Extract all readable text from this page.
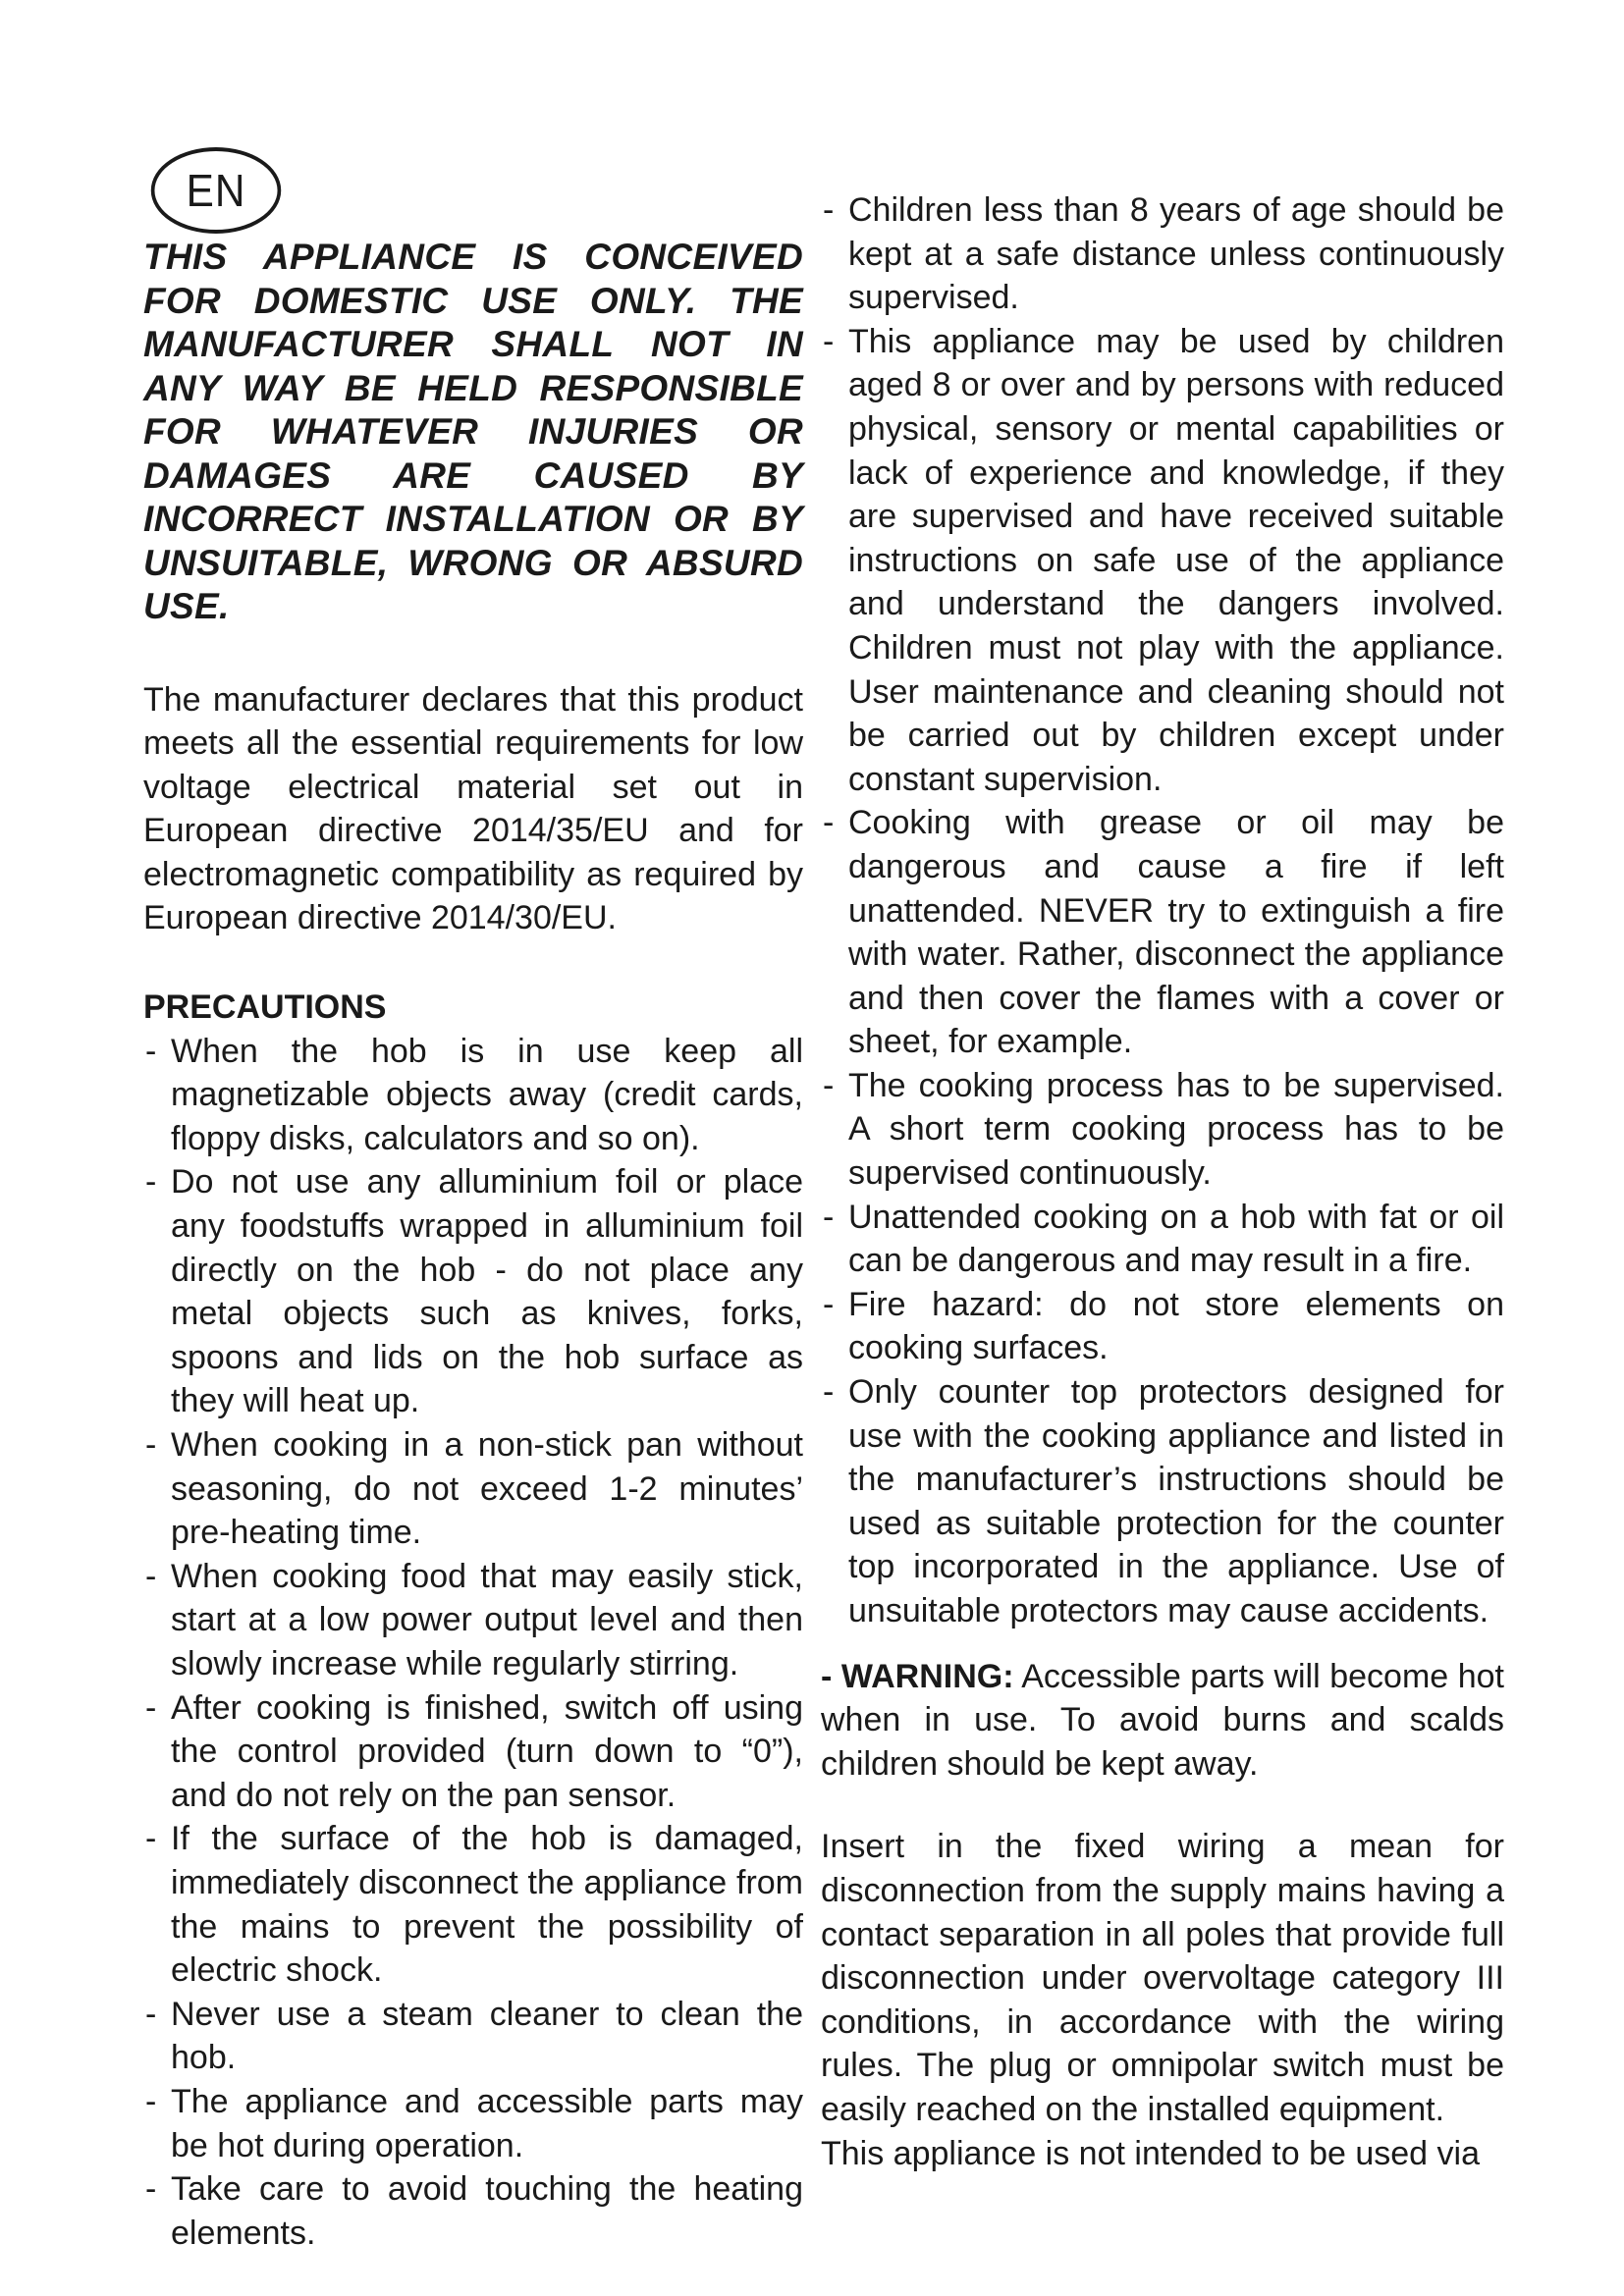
EN

THIS APPLIANCE IS CONCEIVED FOR DOMESTIC USE ONLY. THE MANUFACTURER SHALL NOT IN ANY WAY BE HELD RESPONSIBLE FOR WHATEVER INJURIES OR DAMAGES ARE CAUSED BY INCORRECT INSTALLATION OR BY UNSUITABLE, WRONG OR ABSURD USE.

The manufacturer declares that this product meets all the essential requirements for low voltage electrical material set out in European directive 2014/35/EU and for electromagnetic compatibility as required by European directive 2014/30/EU.

PRECAUTIONS

- When the hob is in use keep all magnetizable objects away (credit cards, floppy disks, calculators and so on).
- Do not use any alluminium foil or place any foodstuffs wrapped in alluminium foil directly on the hob - do not place any metal objects such as knives, forks, spoons and lids on the hob surface as they will heat up.
- When cooking in a non-stick pan without seasoning, do not exceed 1-2 minutes’ pre-heating time.
- When cooking food that may easily stick, start at a low power output level and then slowly increase while regularly stirring.
- After cooking is finished, switch off using the control provided (turn down to “0”), and do not rely on the pan sensor.
- If the surface of the hob is damaged, immediately disconnect the appliance from the mains to prevent the possibility of electric shock.
- Never use a steam cleaner to clean the hob.
- The appliance and accessible parts may be hot during operation.
- Take care to avoid touching the heating elements.
- Children less than 8 years of age should be kept at a safe distance unless continuously supervised.
- This appliance may be used by children aged 8 or over and by persons with reduced physical, sensory or mental capabilities or lack of experience and knowledge, if they are supervised and have received suitable instructions on safe use of the appliance and understand the dangers involved. Children must not play with the appliance. User maintenance and cleaning should not be carried out by children except under constant supervision.
- Cooking with grease or oil may be dangerous and cause a fire if left unattended. NEVER try to extinguish a fire with water. Rather, disconnect the appliance and then cover the flames with a cover or sheet, for example.
- The cooking process has to be supervised. A short term cooking process has to be supervised continuously.
- Unattended cooking on a hob with fat or oil can be dangerous and may result in a fire.
- Fire hazard: do not store elements on cooking surfaces.
- Only counter top protectors designed for use with the cooking appliance and listed in the manufacturer’s instructions should be used as suitable protection for the counter top incorporated in the appliance. Use of unsuitable protectors may cause accidents.

- WARNING: Accessible parts will become hot when in use. To avoid burns and scalds children should be kept away.

Insert in the fixed wiring a mean for disconnection from the supply mains having a contact separation in all poles that provide full disconnection under overvoltage category III conditions, in accordance with the wiring rules. The plug or omnipolar switch must be easily reached on the installed equipment.

This appliance is not intended to be used via
